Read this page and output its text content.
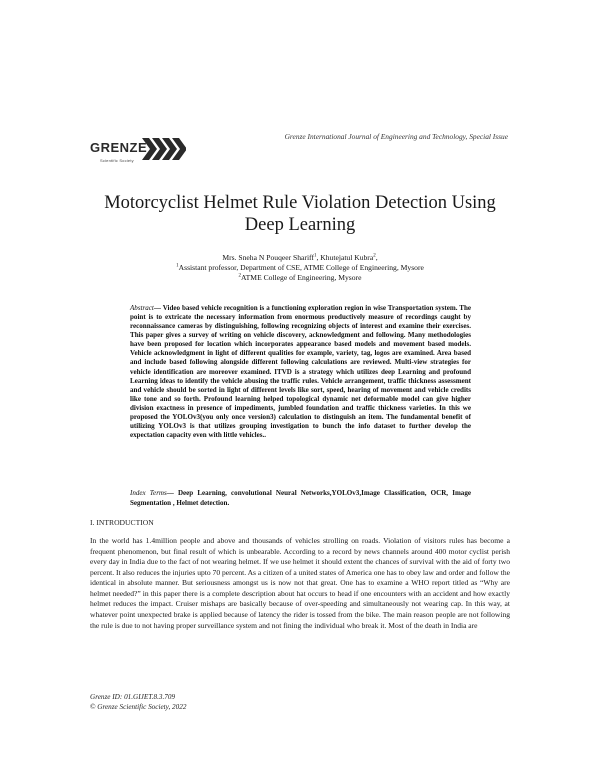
GRENZE
Scientific Society
Grenze International Journal of Engineering and Technology, Special Issue
Motorcyclist Helmet Rule Violation Detection Using Deep Learning
Mrs. Sneha N Pouqeer Shariff$^1$, Khutejatul Kubra$^2$,
$^1$Assistant professor, Department of CSE, ATME College of Engineering, Mysore
$^2$ATME College of Engineering, Mysore
Abstract— Video based vehicle recognition is a functioning exploration region in wise Transportation system. The point is to extricate the necessary information from enormous productively measure of recordings caught by reconnaissance cameras by distinguishing, following recognizing objects of interest and examine their exercises. This paper gives a survey of writing on vehicle discovery, acknowledgment and following. Many methodologies have been proposed for location which incorporates appearance based models and movement based models. Vehicle acknowledgment in light of different qualities for example, variety, tag, logos are examined. Area based and include based following alongside different following calculations are reviewed. Multi-view strategies for vehicle identification are moreover examined. ITVD is a strategy which utilizes deep Learning and profound Learning ideas to identify the vehicle abusing the traffic rules. Vehicle arrangement, traffic thickness assessment and vehicle should be sorted in light of different levels like sort, speed, hearing of movement and vehicle credits like tone and so forth. Profound learning helped topological dynamic net deformable model can give higher division exactness in presence of impediments, jumbled foundation and traffic thickness varieties. In this we proposed the YOLOv3(you only once version3) calculation to distinguish an item. The fundamental benefit of utilizing YOLOv3 is that utilizes grouping investigation to bunch the info dataset to further develop the expectation capacity even with little vehicles..
Index Terms— Deep Learning, convolutional Neural Networks,YOLOv3,Image Classification, OCR, Image Segmentation , Helmet detection.
I. INTRODUCTION
In the world has 1.4million people and above and thousands of vehicles strolling on roads. Violation of visitors rules has become a frequent phenomenon, but final result of which is unbearable. According to a record by news channels around 400 motor cyclist perish every day in India due to the fact of not wearing helmet. If we use helmet it should extent the chances of survival with the aid of forty two percent. It also reduces the injuries upto 70 percent. As a citizen of a united states of America one has to obey law and order and follow the identical in absolute manner. But seriousness amongst us is now not that great. One has to examine a WHO report titled as “Why are helmet needed?” in this paper there is a complete description about hat occurs to head if one encounters with an accident and how exactly helmet reduces the impact. Cruiser mishaps are basically because of over-speeding and simultaneously not wearing cap. In this way, at whatever point unexpected brake is applied because of latency the rider is tossed from the bike. The main reason people are not following the rule is due to not having proper surveillance system and not fining the individual who break it. Most of the death in India are
Grenze ID: 01.GIJET.8.3.709
© Grenze Scientific Society, 2022
